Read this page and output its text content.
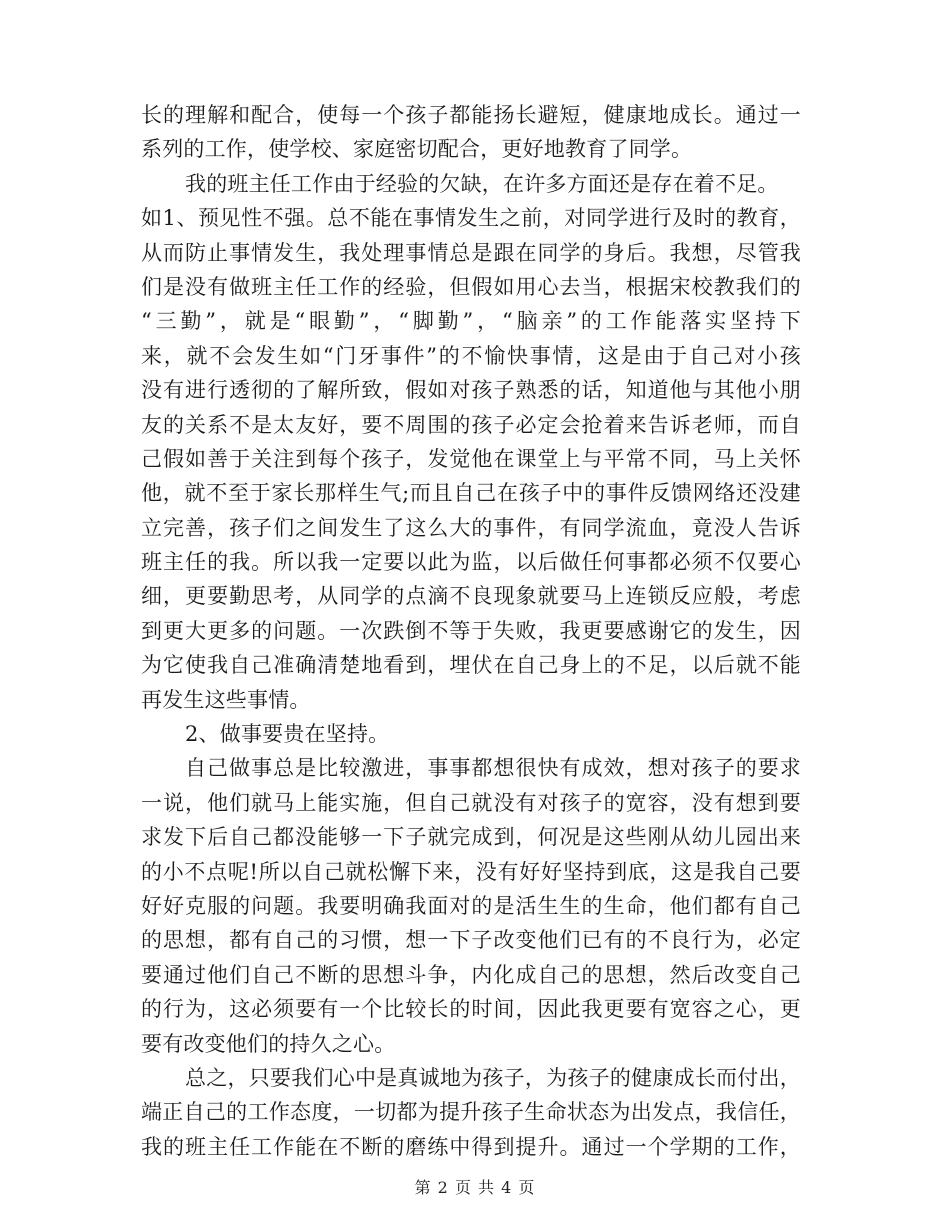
长的理解和配合，使每一个孩子都能扬长避短，健康地成长。通过一
系列的工作，使学校、家庭密切配合，更好地教育了同学。
我的班主任工作由于经验的欠缺，在许多方面还是存在着不足。
如1、预见性不强。总不能在事情发生之前，对同学进行及时的教育，
从而防止事情发生，我处理事情总是跟在同学的身后。我想，尽管我
们是没有做班主任工作的经验，但假如用心去当，根据宋校教我们的
“三勤”，就是“眼勤”，“脚勤”，“脑亲”的工作能落实坚持下
来，就不会发生如“门牙事件”的不愉快事情，这是由于自己对小孩
没有进行透彻的了解所致，假如对孩子熟悉的话，知道他与其他小朋
友的关系不是太友好，要不周围的孩子必定会抢着来告诉老师，而自
己假如善于关注到每个孩子，发觉他在课堂上与平常不同，马上关怀
他，就不至于家长那样生气;而且自己在孩子中的事件反馈网络还没建
立完善，孩子们之间发生了这么大的事件，有同学流血，竟没人告诉
班主任的我。所以我一定要以此为监，以后做任何事都必须不仅要心
细，更要勤思考，从同学的点滴不良现象就要马上连锁反应般，考虑
到更大更多的问题。一次跌倒不等于失败，我更要感谢它的发生，因
为它使我自己准确清楚地看到，埋伏在自己身上的不足，以后就不能
再发生这些事情。
2、做事要贵在坚持。
自己做事总是比较激进，事事都想很快有成效，想对孩子的要求
一说，他们就马上能实施，但自己就没有对孩子的宽容，没有想到要
求发下后自己都没能够一下子就完成到，何况是这些刚从幼儿园出来
的小不点呢!所以自己就松懈下来，没有好好坚持到底，这是我自己要
好好克服的问题。我要明确我面对的是活生生的生命，他们都有自己
的思想，都有自己的习惯，想一下子改变他们已有的不良行为，必定
要通过他们自己不断的思想斗争，内化成自己的思想，然后改变自己
的行为，这必须要有一个比较长的时间，因此我更要有宽容之心，更
要有改变他们的持久之心。
总之，只要我们心中是真诚地为孩子，为孩子的健康成长而付出，
端正自己的工作态度，一切都为提升孩子生命状态为出发点，我信任，
我的班主任工作能在不断的磨练中得到提升。通过一个学期的工作，
第 2 页 共 4 页
